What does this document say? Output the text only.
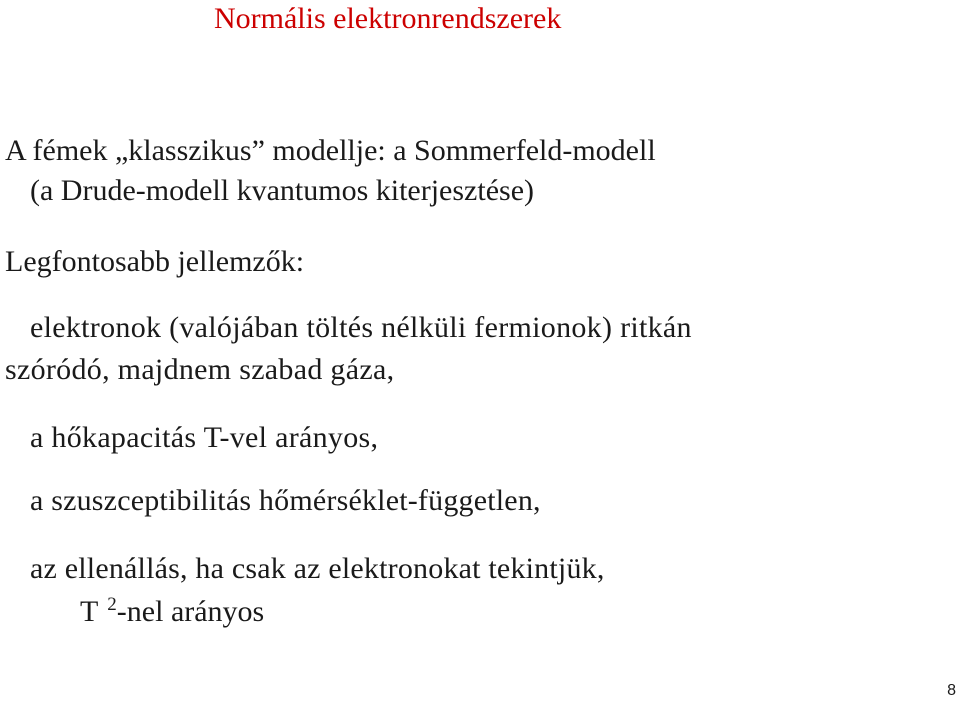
Normális elektronrendszerek
A fémek „klasszikus” modellje: a Sommerfeld-modell
(a Drude-modell kvantumos kiterjesztése)
Legfontosabb jellemzők:
elektronok (valójában töltés nélküli fermionok) ritkán
szóródó, majdnem szabad gáza,
a hőkapacitás T-vel arányos,
a szuszceptibilitás hőmérséklet-független,
az ellenállás, ha csak az elektronokat tekintjük,
T $^2$-nel arányos
8
